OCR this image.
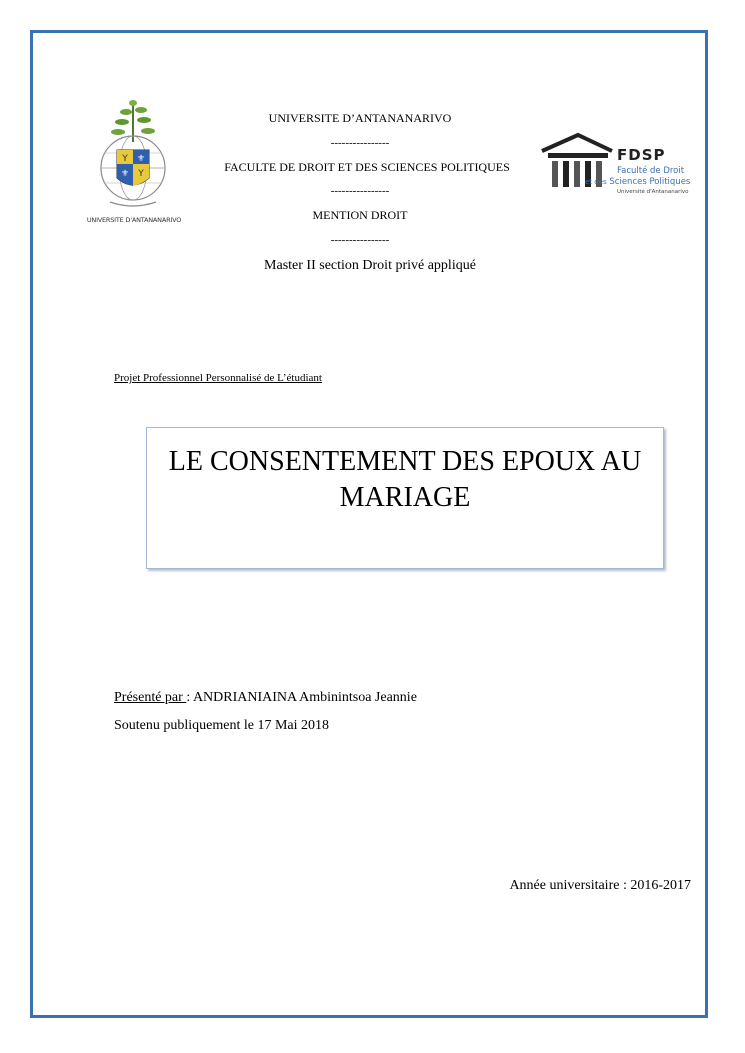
Y ⚜
⚜ Y
UNIVERSITE D'ANTANANARIVO
FDSP
Faculté de Droit
et des Sciences Politiques
Université d'Antananarivo
UNIVERSITE D’ANTANANARIVO
----------------
FACULTE DE DROIT ET DES SCIENCES POLITIQUES
----------------
MENTION DROIT
----------------
Master II section Droit privé appliqué
Projet Professionnel Personnalisé de L’étudiant
LE CONSENTEMENT DES EPOUX AU
MARIAGE
Présenté par : ANDRIANIAINA Ambinintsoa Jeannie
Soutenu publiquement le 17 Mai 2018
Année universitaire : 2016-2017
